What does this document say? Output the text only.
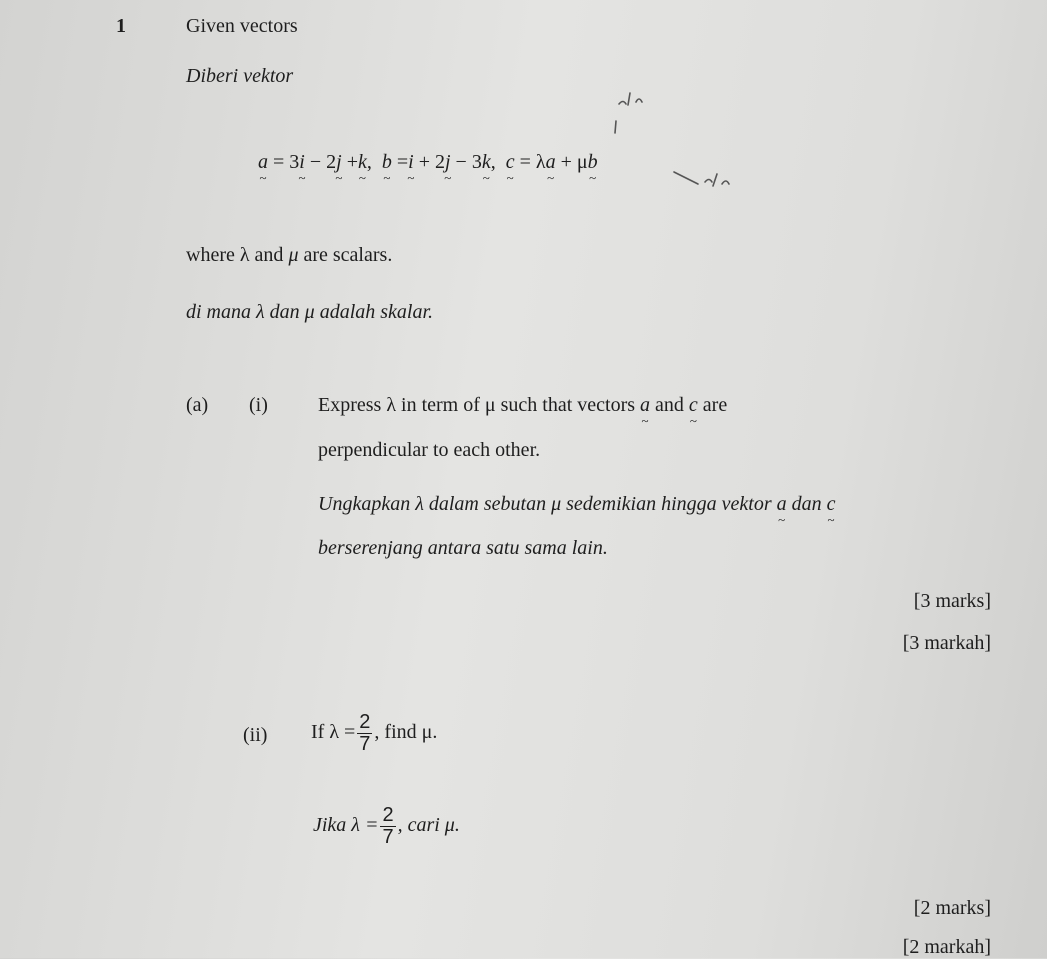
1	Given vectors
Diberi vektor
a ~ = 3i ~ − 2j ~ +k ~, b ~ =i ~ + 2j ~ − 3k ~, c ~ = λa ~ + μb ~
where λ and μ are scalars.
di mana λ dan μ adalah skalar.
(a) (i)	Express λ in term of μ such that vectors a ~ and c ~ are
perpendicular to each other.
Ungkapkan λ dalam sebutan μ sedemikian hingga vektor a ~ dan c ~
berserenjang antara satu sama lain.
[3 marks]
[3 markah]
(ii) If $\lambda = \frac{2}{7}$ , find μ.
Jika $\lambda = \frac{2}{7}$ , cari μ.
[2 marks]
[2 markah]
